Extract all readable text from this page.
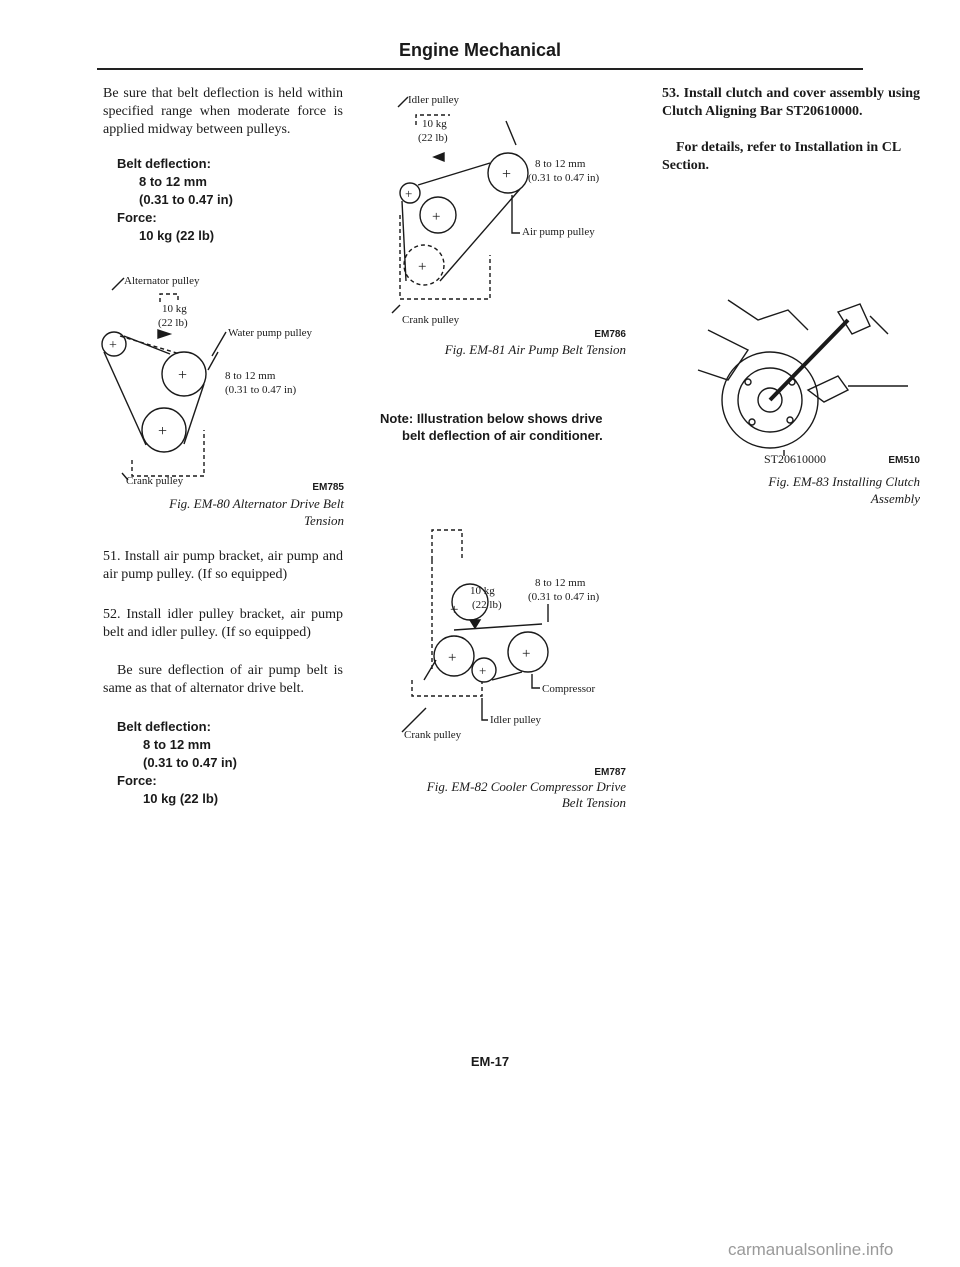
Engine Mechanical
Be sure that belt deflection is held within specified range when moderate force is applied midway between pulleys.
Belt deflection:
8 to 12 mm
(0.31 to 0.47 in)
Force:
10 kg (22 lb)
Alternator pulley
10 kg
(22 lb)
+
+
+
Crank pulley
Water pump pulley
8 to 12 mm
(0.31 to 0.47 in)
EM785
Fig. EM-80 Alternator Drive Belt
Tension
51. Install air pump bracket, air pump and air pump pulley. (If so equipped)
52. Install idler pulley bracket, air pump belt and idler pulley. (If so equipped)
Be sure deflection of air pump belt is same as that of alternator drive belt.
Belt deflection:
8 to 12 mm
(0.31 to 0.47 in)
Force:
10 kg (22 lb)
Idler pulley
10 kg
(22 lb)
+
+
+
+
8 to 12 mm
(0.31 to 0.47 in)
Air pump pulley
Crank pulley
EM786
Fig. EM-81 Air Pump Belt Tension
Note: Illustration below shows drive
belt deflection of air conditioner.
10 kg
(22 lb)
+
+	+
+
8 to 12 mm
(0.31 to 0.47 in)
Compressor
Idler pulley
Crank pulley
EM787
Fig. EM-82 Cooler Compressor Drive
Belt Tension
53. Install clutch and cover assembly using Clutch Aligning Bar ST20610000.
For details, refer to Installation in CL Section.
ST20610000	EM510
Fig. EM-83 Installing Clutch
Assembly
EM-17
carmanualsonline.info
